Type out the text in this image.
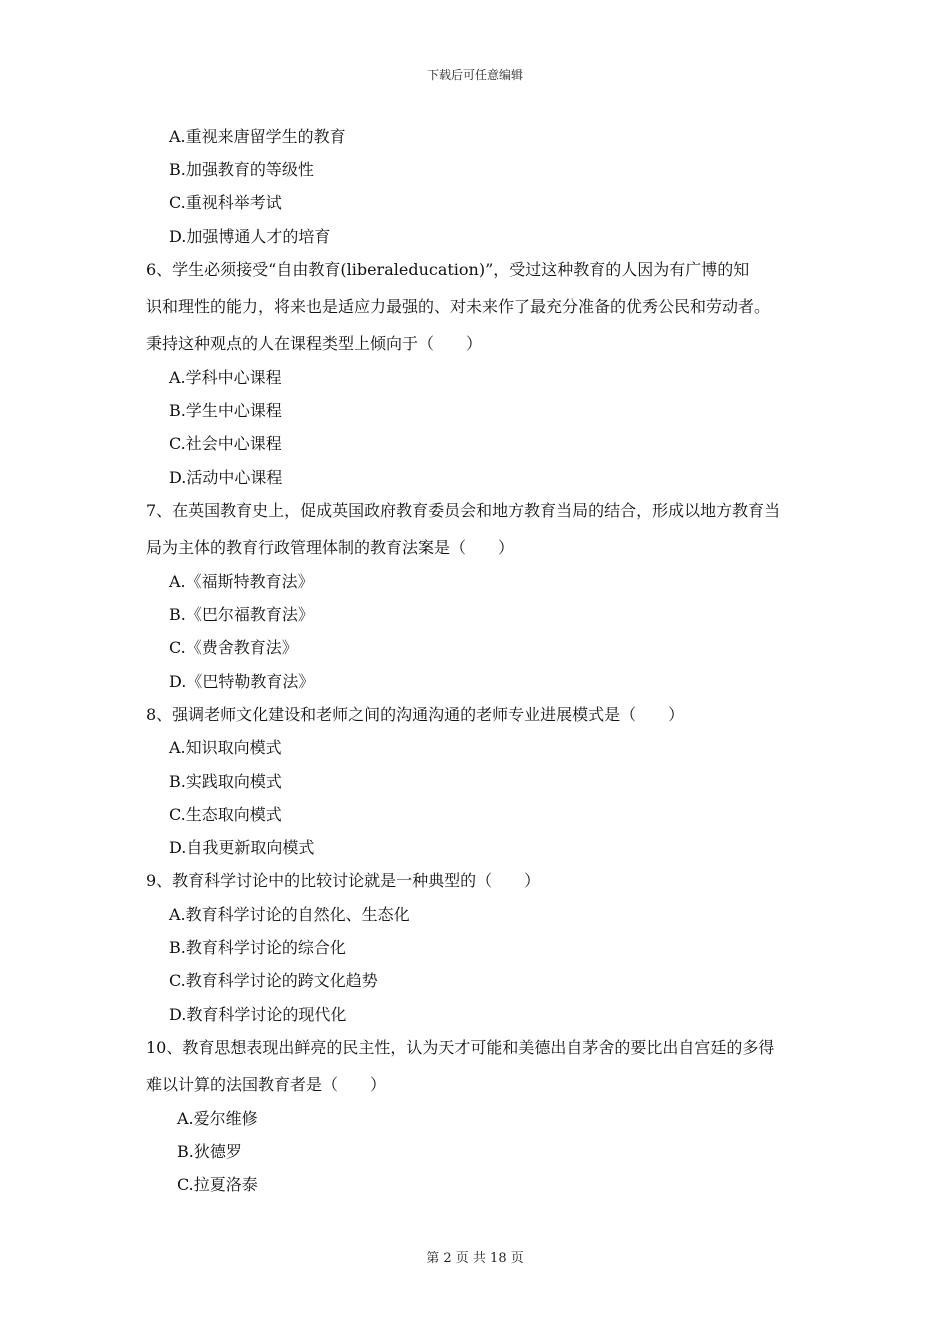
下载后可任意编辑
A.重视来唐留学生的教育
B.加强教育的等级性
C.重视科举考试
D.加强博通人才的培育
6、学生必须接受“自由教育(liberaleducation)”，受过这种教育的人因为有广博的知
识和理性的能力，将来也是适应力最强的、对未来作了最充分准备的优秀公民和劳动者。
秉持这种观点的人在课程类型上倾向于（　　）
A.学科中心课程
B.学生中心课程
C.社会中心课程
D.活动中心课程
7、在英国教育史上，促成英国政府教育委员会和地方教育当局的结合，形成以地方教育当
局为主体的教育行政管理体制的教育法案是（　　）
A.《福斯特教育法》
B.《巴尔福教育法》
C.《费舍教育法》
D.《巴特勒教育法》
8、强调老师文化建设和老师之间的沟通沟通的老师专业进展模式是（　　）
A.知识取向模式
B.实践取向模式
C.生态取向模式
D.自我更新取向模式
9、教育科学讨论中的比较讨论就是一种典型的（　　）
A.教育科学讨论的自然化、生态化
B.教育科学讨论的综合化
C.教育科学讨论的跨文化趋势
D.教育科学讨论的现代化
10、教育思想表现出鲜亮的民主性，认为天才可能和美德出自茅舍的要比出自宫廷的多得
难以计算的法国教育者是（　　）
A.爱尔维修
B.狄德罗
C.拉夏洛泰
第 2 页 共 18 页
